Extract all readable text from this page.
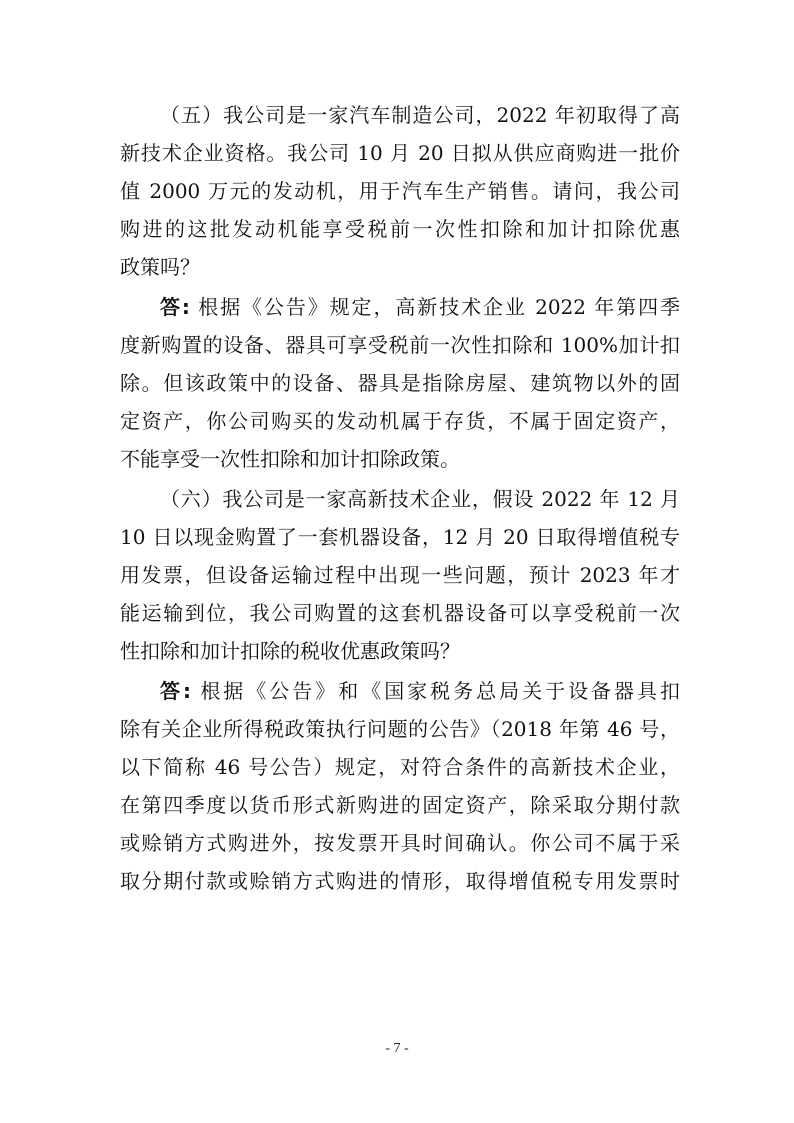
（五）我公司是一家汽车制造公司，2022 年初取得了高
新技术企业资格。我公司 10 月 20 日拟从供应商购进一批价
值 2000 万元的发动机，用于汽车生产销售。请问，我公司
购进的这批发动机能享受税前一次性扣除和加计扣除优惠
政策吗？
答: 根据《公告》规定，高新技术企业 2022 年第四季
度新购置的设备、器具可享受税前一次性扣除和 100%加计扣
除。但该政策中的设备、器具是指除房屋、建筑物以外的固
定资产，你公司购买的发动机属于存货，不属于固定资产，
不能享受一次性扣除和加计扣除政策。
（六）我公司是一家高新技术企业，假设 2022 年 12 月
10 日以现金购置了一套机器设备，12 月 20 日取得增值税专
用发票，但设备运输过程中出现一些问题，预计 2023 年才
能运输到位，我公司购置的这套机器设备可以享受税前一次
性扣除和加计扣除的税收优惠政策吗？
答: 根据《公告》和《国家税务总局关于设备器具扣
除有关企业所得税政策执行问题的公告》（2018 年第 46 号，
以下简称 46 号公告）规定，对符合条件的高新技术企业，
在第四季度以货币形式新购进的固定资产，除采取分期付款
或赊销方式购进外，按发票开具时间确认。你公司不属于采
取分期付款或赊销方式购进的情形，取得增值税专用发票时
- 7 -
